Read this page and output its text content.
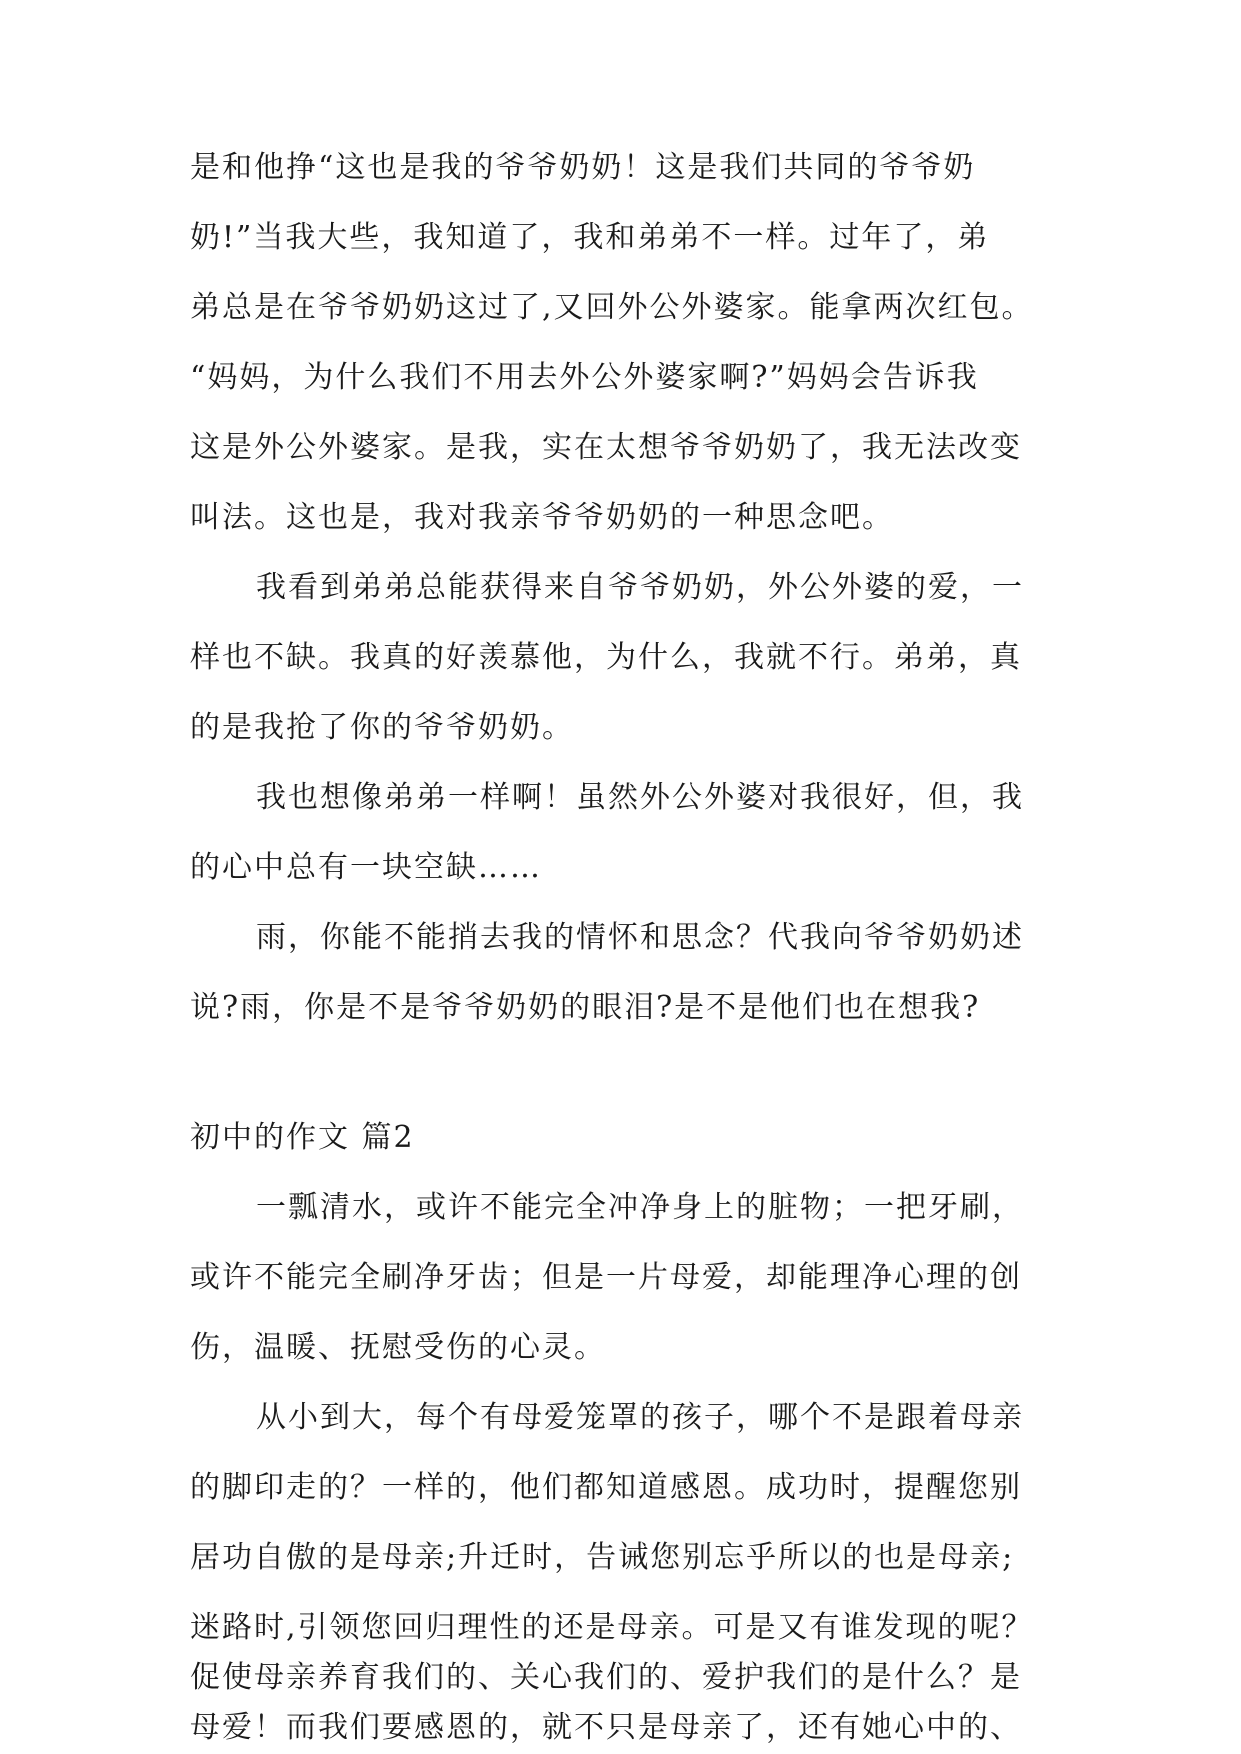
是和他挣“这也是我的爷爷奶奶！这是我们共同的爷爷奶
奶!”当我大些，我知道了，我和弟弟不一样。过年了，弟
弟总是在爷爷奶奶这过了,又回外公外婆家。能拿两次红包。
“妈妈，为什么我们不用去外公外婆家啊?”妈妈会告诉我
这是外公外婆家。是我，实在太想爷爷奶奶了，我无法改变
叫法。这也是，我对我亲爷爷奶奶的一种思念吧。
我看到弟弟总能获得来自爷爷奶奶，外公外婆的爱，一
样也不缺。我真的好羡慕他，为什么，我就不行。弟弟，真
的是我抢了你的爷爷奶奶。
我也想像弟弟一样啊！虽然外公外婆对我很好，但，我
的心中总有一块空缺……
雨，你能不能捎去我的情怀和思念？代我向爷爷奶奶述
说?雨，你是不是爷爷奶奶的眼泪?是不是他们也在想我?
初中的作文 篇2
一瓢清水，或许不能完全冲净身上的脏物；一把牙刷，
或许不能完全刷净牙齿；但是一片母爱，却能理净心理的创
伤，温暖、抚慰受伤的心灵。
从小到大，每个有母爱笼罩的孩子，哪个不是跟着母亲
的脚印走的？一样的，他们都知道感恩。成功时，提醒您别
居功自傲的是母亲;升迁时，告诫您别忘乎所以的也是母亲;
迷路时,引领您回归理性的还是母亲。可是又有谁发现的呢？
促使母亲养育我们的、关心我们的、爱护我们的是什么？是
母爱！而我们要感恩的，就不只是母亲了，还有她心中的、
